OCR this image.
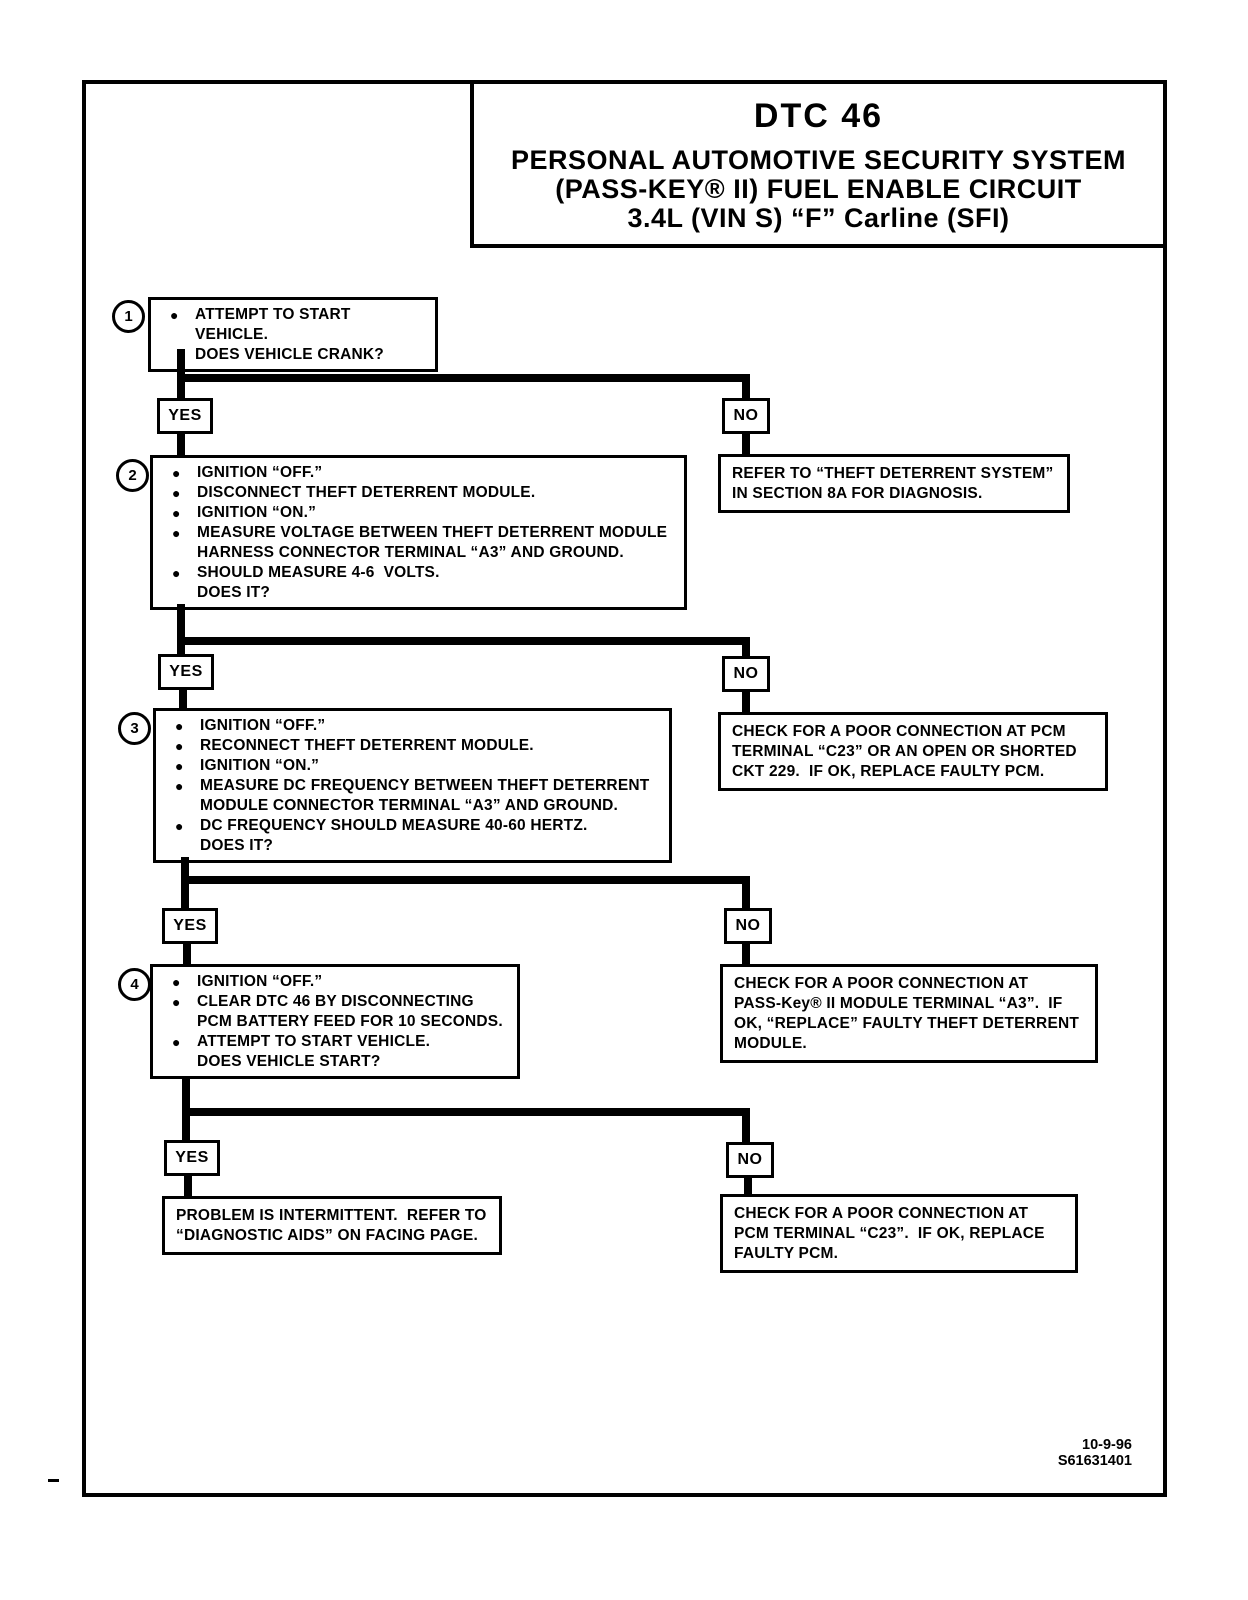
DTC 46
PERSONAL AUTOMOTIVE SECURITY SYSTEM
(PASS-KEY® II) FUEL ENABLE CIRCUIT
3.4L (VIN S) “F” Carline (SFI)
1	● ATTEMPT TO START VEHICLE.
DOES VEHICLE CRANK?
YES	NO
REFER TO “THEFT DETERRENT SYSTEM”
IN SECTION 8A FOR DIAGNOSIS.
2	● IGNITION “OFF.”
● DISCONNECT THEFT DETERRENT MODULE.
● IGNITION “ON.”
● MEASURE VOLTAGE BETWEEN THEFT DETERRENT MODULE
HARNESS CONNECTOR TERMINAL “A3” AND GROUND.
● SHOULD MEASURE 4-6  VOLTS.
DOES IT?
YES	NO
CHECK FOR A POOR CONNECTION AT PCM
TERMINAL “C23” OR AN OPEN OR SHORTED
CKT 229.  IF OK, REPLACE FAULTY PCM.
3	● IGNITION “OFF.”
● RECONNECT THEFT DETERRENT MODULE.
● IGNITION “ON.”
● MEASURE DC FREQUENCY BETWEEN THEFT DETERRENT
MODULE CONNECTOR TERMINAL “A3” AND GROUND.
● DC FREQUENCY SHOULD MEASURE 40-60 HERTZ.
DOES IT?
YES	NO
CHECK FOR A POOR CONNECTION AT
PASS-Key® II MODULE TERMINAL “A3”.  IF
OK, “REPLACE” FAULTY THEFT DETERRENT
MODULE.
4 ● IGNITION “OFF.”
● CLEAR DTC 46 BY DISCONNECTING
PCM BATTERY FEED FOR 10 SECONDS.
● ATTEMPT TO START VEHICLE.
DOES VEHICLE START?
YES	NO
PROBLEM IS INTERMITTENT.  REFER TO
“DIAGNOSTIC AIDS” ON FACING PAGE.
CHECK FOR A POOR CONNECTION AT
PCM TERMINAL “C23”.  IF OK, REPLACE
FAULTY PCM.
10-9-96
S61631401
